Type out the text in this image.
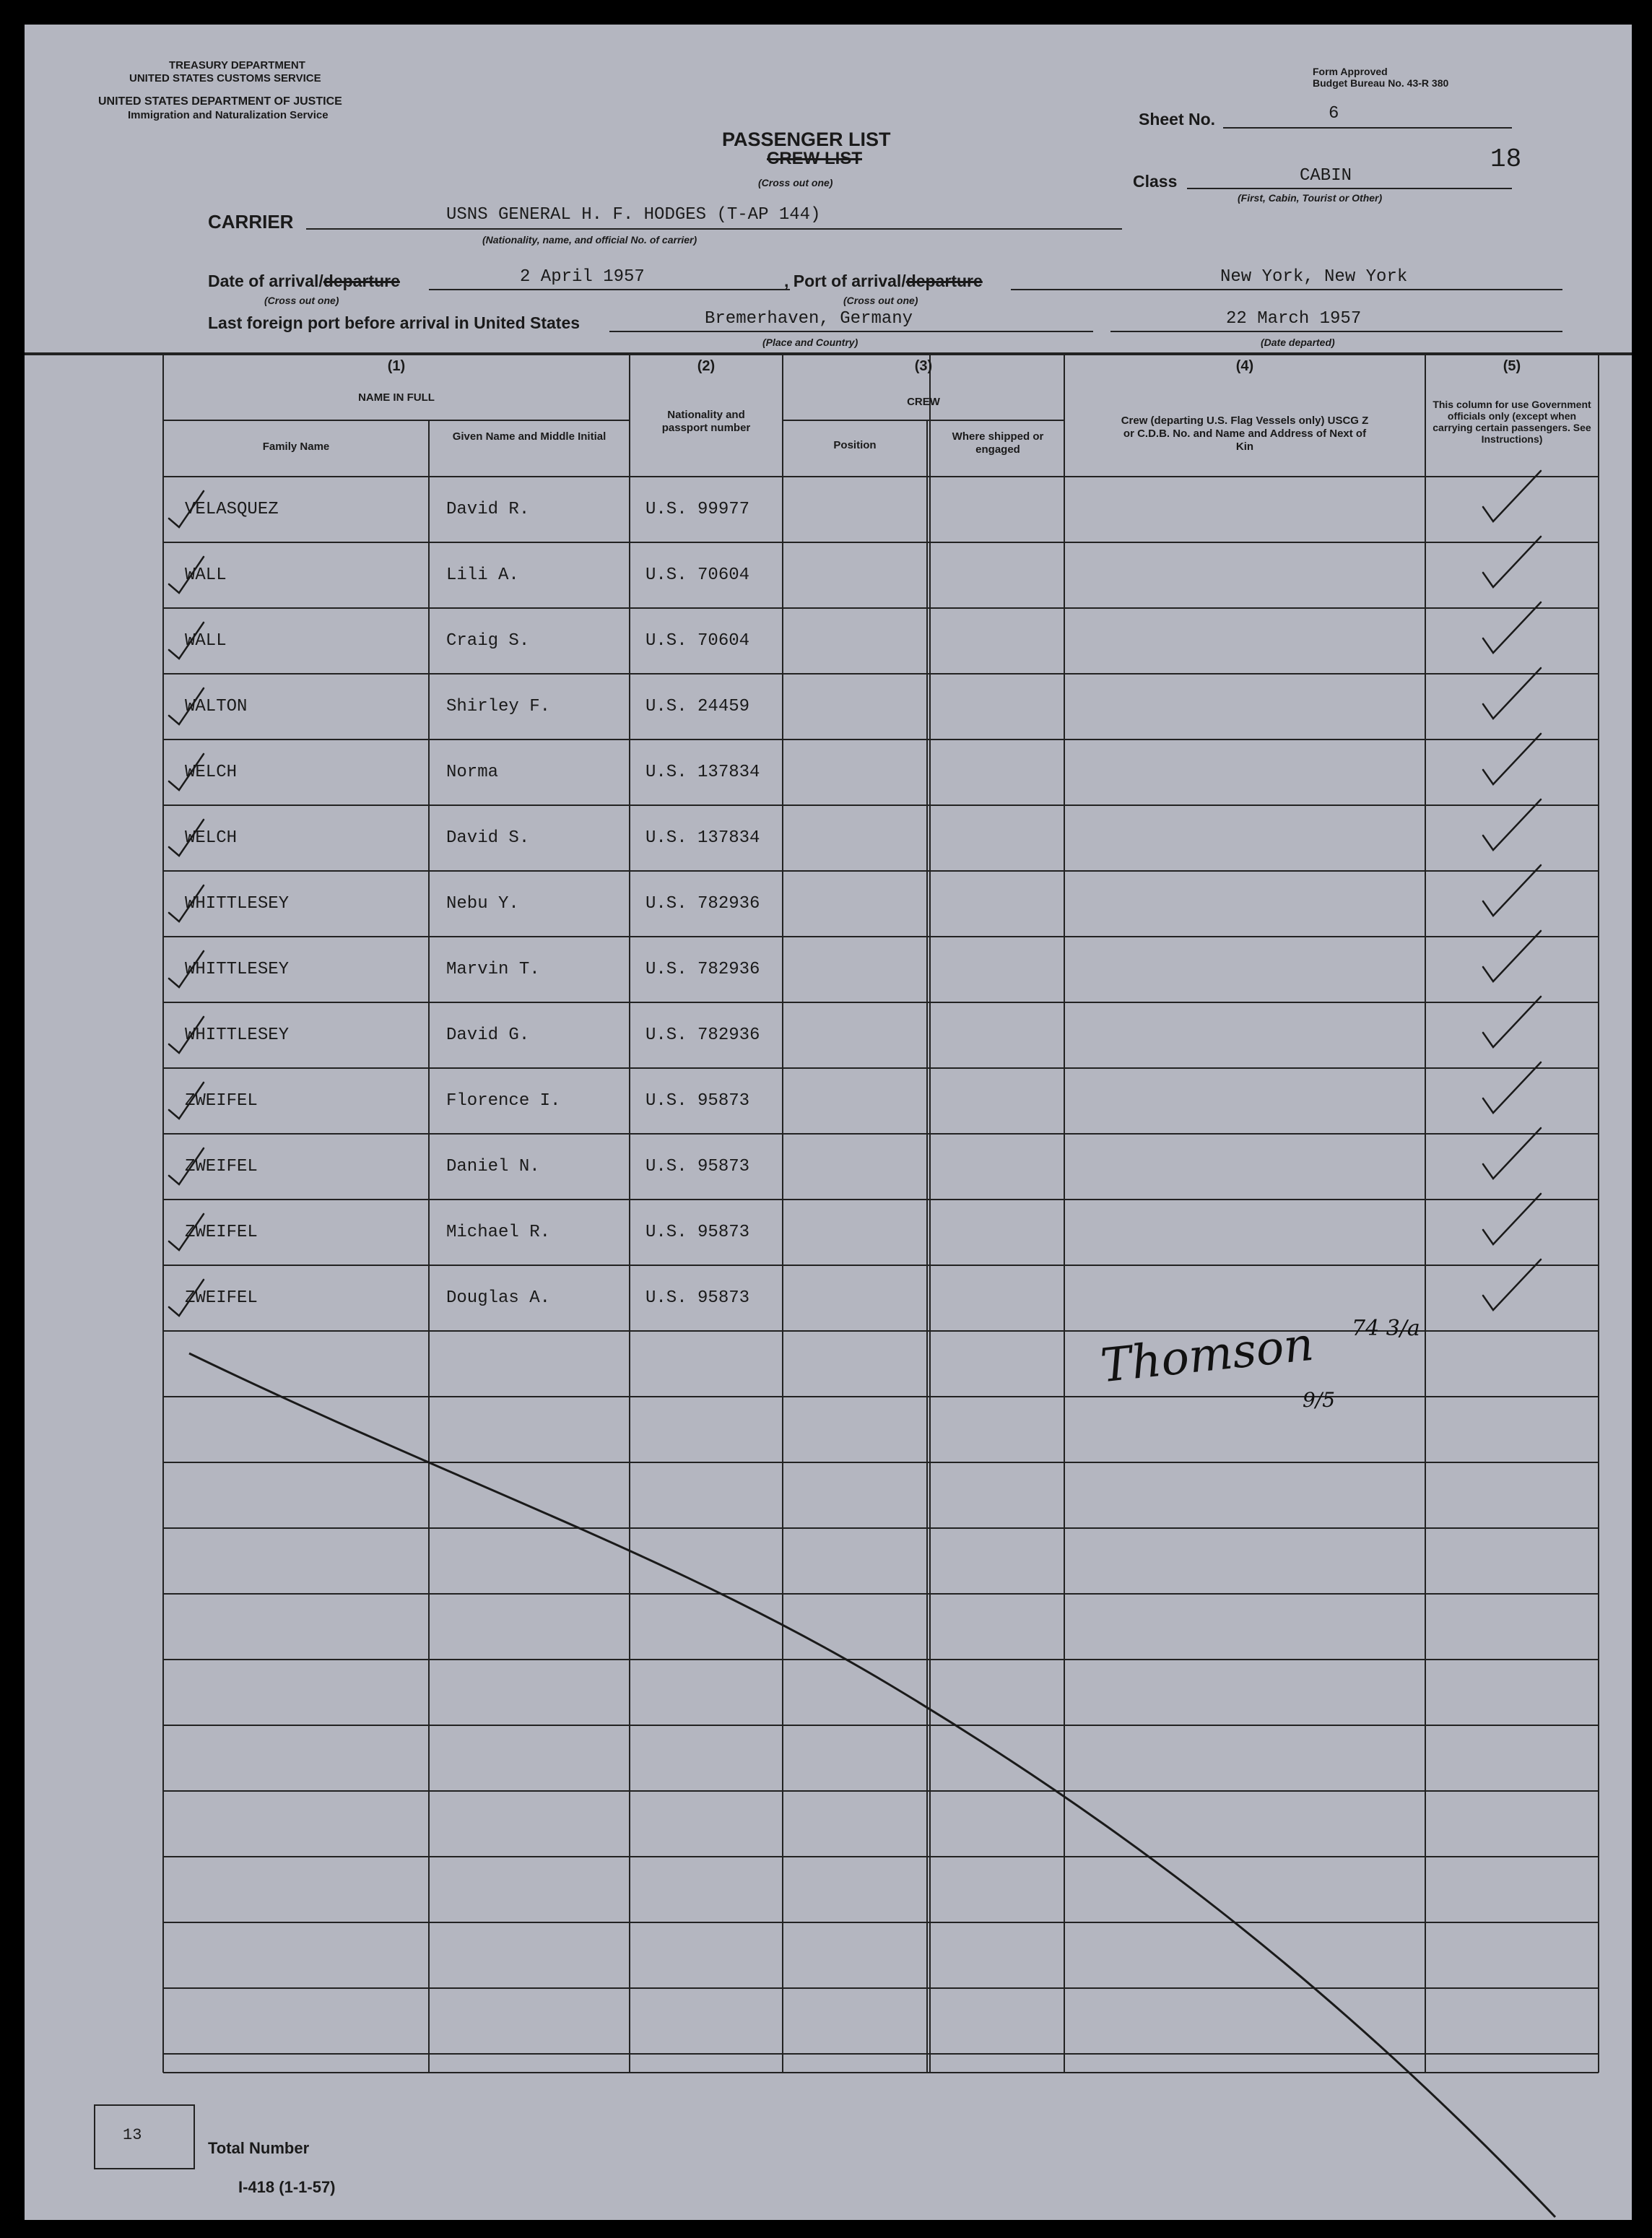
TREASURY DEPARTMENT
UNITED STATES CUSTOMS SERVICE
UNITED STATES DEPARTMENT OF JUSTICE
Immigration and Naturalization Service
Form Approved
Budget Bureau No. 43-R 380
PASSENGER LIST
CREW LIST
(Cross out one)
Sheet No.	6
18
Class	CABIN
(First, Cabin, Tourist or Other)
CARRIER	USNS GENERAL H. F. HODGES (T-AP 144)
(Nationality, name, and official No. of carrier)
Date of arrival/departure	2 April 1957
(Cross out one)
, Port of arrival/departure	New York, New York
(Cross out one)
Last foreign port before arrival in United States	Bremerhaven, Germany
(Place and Country)
22 March 1957
(Date departed)
(1)
NAME IN FULL
Family Name
Given Name and Middle Initial
(2)
Nationality and passport number
(3)
CREW
Position
Where shipped or engaged
(4)
Crew (departing U.S. Flag Vessels only) USCG Z or C.D.B. No. and Name and Address of Next of Kin
(5)
This column for use Government officials only (except when carrying certain passengers. See Instructions)
VELASQUEZ	David R.	U.S. 99977
WALL	Lili A.	U.S. 70604
WALL	Craig S.	U.S. 70604
WALTON	Shirley F.	U.S. 24459
WELCH	Norma	U.S. 137834
WELCH	David S.	U.S. 137834
WHITTLESEY	Nebu Y.	U.S. 782936
WHITTLESEY	Marvin T.	U.S. 782936
WHITTLESEY	David G.	U.S. 782936
ZWEIFEL	Florence I.	U.S. 95873
ZWEIFEL	Daniel N.	U.S. 95873
ZWEIFEL	Michael R.	U.S. 95873
ZWEIFEL	Douglas A.	U.S. 95873
Thomson 74 3/a
9/5
13
Total Number
I-418 (1-1-57)
